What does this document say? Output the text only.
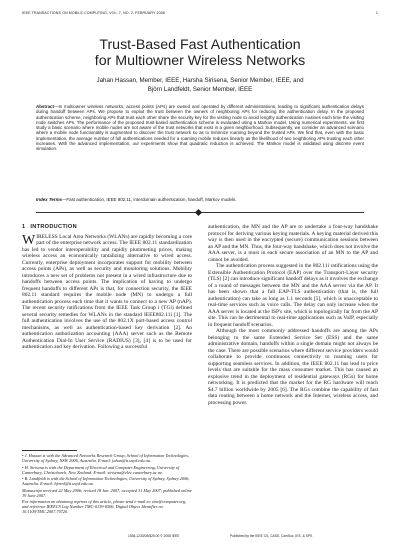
IEEE TRANSACTIONS ON MOBILE COMPUTING, VOL. 7, NO. 2, FEBRUARY 2008	1
Trust-Based Fast Authentication
for Multiowner Wireless Networks
Jahan Hassan, Member, IEEE, Harsha Sirisena, Senior Member, IEEE, and
Björn Landfeldt, Senior Member, IEEE
Abstract—In multiowner wireless networks, access points (APs) are owned and operated by different administrations, leading to significant authentication delays during handoff between APs. We propose to exploit the trust between the owners of neighboring APs for reducing the authentication delay. In the proposed authentication scheme, neighboring APs that trust each other share the security key for the visiting node to avoid lengthy authentication routines each time the visiting node switches APs. The performance of the proposed trust-based authentication scheme is evaluated using a Markov model. Using numerical experiments, we first study a basic scenario where mobile nodes are not aware of the trust networks that exist in a given neighborhood. Subsequently, we consider an advanced scenario where a mobile node functionality is augmented to discover the trust network so as to minimize roaming beyond the trusted APs. We find that, even with the basic implementation, the average number of full authentications needed for a roaming mobile reduces linearly as the likelihood of two neighboring APs trusting each other increases. With the advanced implementation, our experiments show that quadratic reduction is achieved. The Markov model is validated using discrete event simulation.
Index Terms—Fast authentication, IEEE 802.11, interdomain authentication, handoff, Markov models.
1 INTRODUCTION

WIRELESS Local Area Networks (WLANs) are rapidly becoming a core part of the enterprise network access. The IEEE 802.11 standardization has led to vendor interoperability and rapidly plummeting prices, making wireless access an economically tantalizing alternative to wired access. Currently, enterprise deployment incorporates support for mobility between access points (APs), as well as security and monitoring solutions. Mobility introduces a new set of problems not present in a wired infrastructure due to handoffs between access points. The implication of having to undergo frequent handoffs to different APs is that, for connection security, the IEEE 802.11 standard requires the mobile node (MN) to undergo a full authentication process each time that it wants to connect to a new AP (nAP). The recent security ratifications from the IEEE Task Group i (TGi) defined several security remedies for WLANs in the standard IEEE802.11i [1]. The full authentication involves the use of the 802.1X port-based access control mechanisms, as well as authentication-based key derivation [2]. An authentication authorization accounting (AAA) server such as the Remote Authentication Dial-In User Service (RADIUS) [3], [4] is to be used for authentication and key derivation. Following a successful

• J. Hassan is with the Advanced Networks Research Group, School of Information Technologies, University of Sydney, NSW 2006, Australia. E-mail: jahan@it.usyd.edu.au.

• H. Sirisena is with the Department of Electrical and Computer Engineering, University of Canterbury, Christchurch, New Zealand. E-mail: sirisena@elec.canterbury.ac.nz.

• B. Landfeldt is with the School of Information Technologies, University of Sydney, Sydney 2006, Australia. E-mail: bjornl@it.usyd.edu.au.

Manuscript received 22 May 2006; revised 18 Jan. 2007; accepted 31 May 2007; published online 19 June 2007.

For information on obtaining reprints of this article, please send e-mail to: tmc@computer.org, and reference IEEECS Log Number TMC-0139-0506. Digital Object Identifier no. 10.1109/TMC.2007.70720.

authentication, the MN and the AP are to undertake a four-way handshake protocol for deriving various keying materials. A keying material derived this way is then used in the encrypted (secure) communication sessions between an AP and the MN. Thus, the four-way handshake, which does not involve the AAA server, is a must in each secure association of an MN to the AP and cannot be avoided.

The authentication process suggested in the 802.11i ratifications using the Extensible Authentication Protocol (EAP) over the Transport-Layer security (TLS) [2] can introduce significant handoff delays as it involves the exchange of a round of messages between the MN and the AAA server via the AP. It has been shown that a full EAP-TLS authentication (that is, the full authentication) can take as long as 1.1 seconds [5], which is unacceptable to real-time services such as voice calls. The delay can only increase when the AAA server is located at the ISP's site, which is topologically far from the AP site. This can be detrimental to real-time applications such as VoIP, especially in frequent handoff scenarios.

Although the most commonly addressed handoffs are among the APs belonging to the same Extended Service Set (ESS) and the same administrative domain, handoffs within a single domain might not always be the case. There are possible scenarios where different service providers would collaborate to provide continuous connectivity to roaming users for supporting seamless services. In addition, the IEEE 802.11 has lead to price levels that are suitable for the mass consumer market. This has caused an explosive trend in the deployment of residential gateways (RGs) for home networking. It is predicted that the market for the RG hardware will reach $4.7 billion worldwide by 2005 [6]. The RGs combine the capability of fast data routing between a home network and the Internet, wireless access, and processing power.

1536-1233/08/$25.00 © 2008 IEEE	Published by the IEEE CS, CASS, ComSoc, IES, & SPS
